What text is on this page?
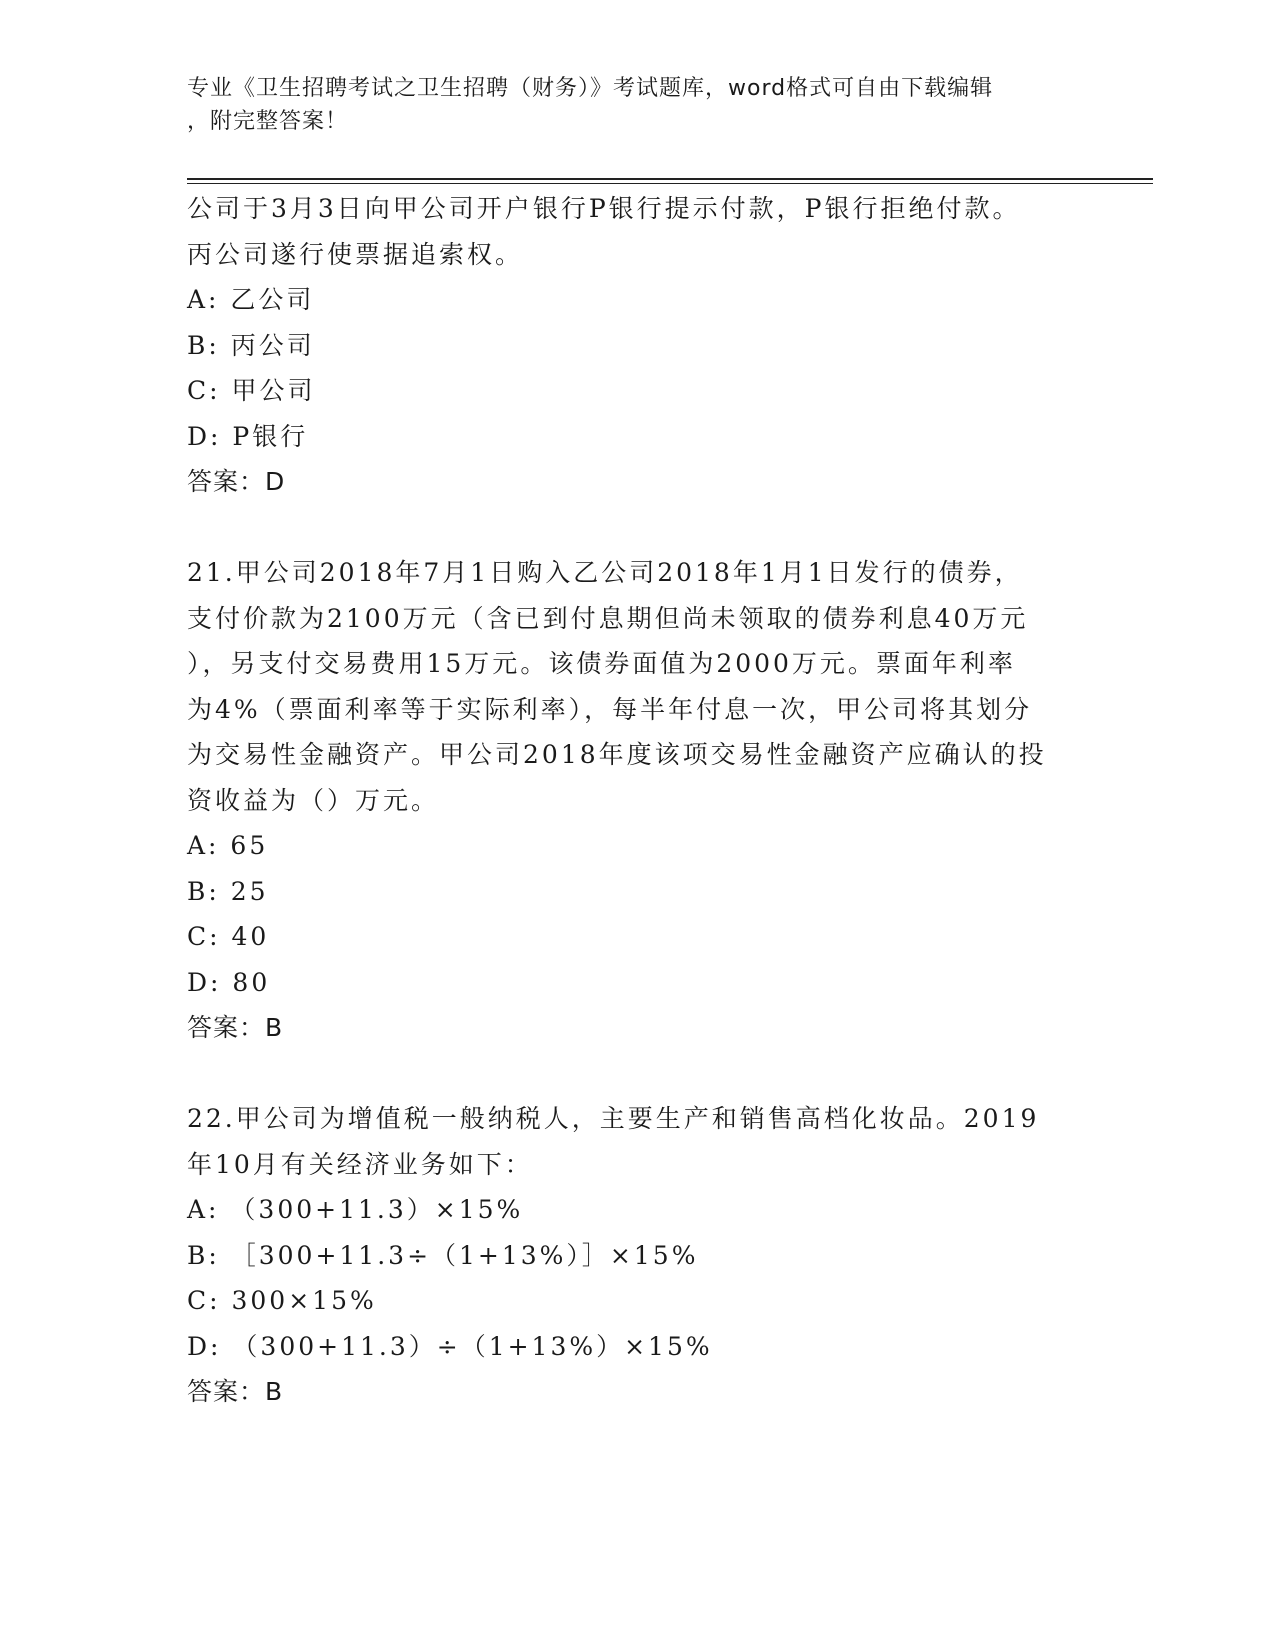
专业《卫生招聘考试之卫生招聘（财务）》考试题库，word格式可自由下载编辑
，附完整答案！
公司于3月3日向甲公司开户银行P银行提示付款，P银行拒绝付款。
丙公司遂行使票据追索权。
A: 乙公司
B: 丙公司
C: 甲公司
D: P银行
答案：D
21.甲公司2018年7月1日购入乙公司2018年1月1日发行的债券，
支付价款为2100万元（含已到付息期但尚未领取的债券利息40万元
），另支付交易费用15万元。该债券面值为2000万元。票面年利率
为4%（票面利率等于实际利率），每半年付息一次，甲公司将其划分
为交易性金融资产。甲公司2018年度该项交易性金融资产应确认的投
资收益为（）万元。
A: 65
B: 25
C: 40
D: 80
答案：B
22.甲公司为增值税一般纳税人，主要生产和销售高档化妆品。2019
年10月有关经济业务如下：
A: （300+11.3）×15%
B: ［300+11.3÷（1+13%）］×15%
C: 300×15%
D: （300+11.3）÷（1+13%）×15%
答案：B
